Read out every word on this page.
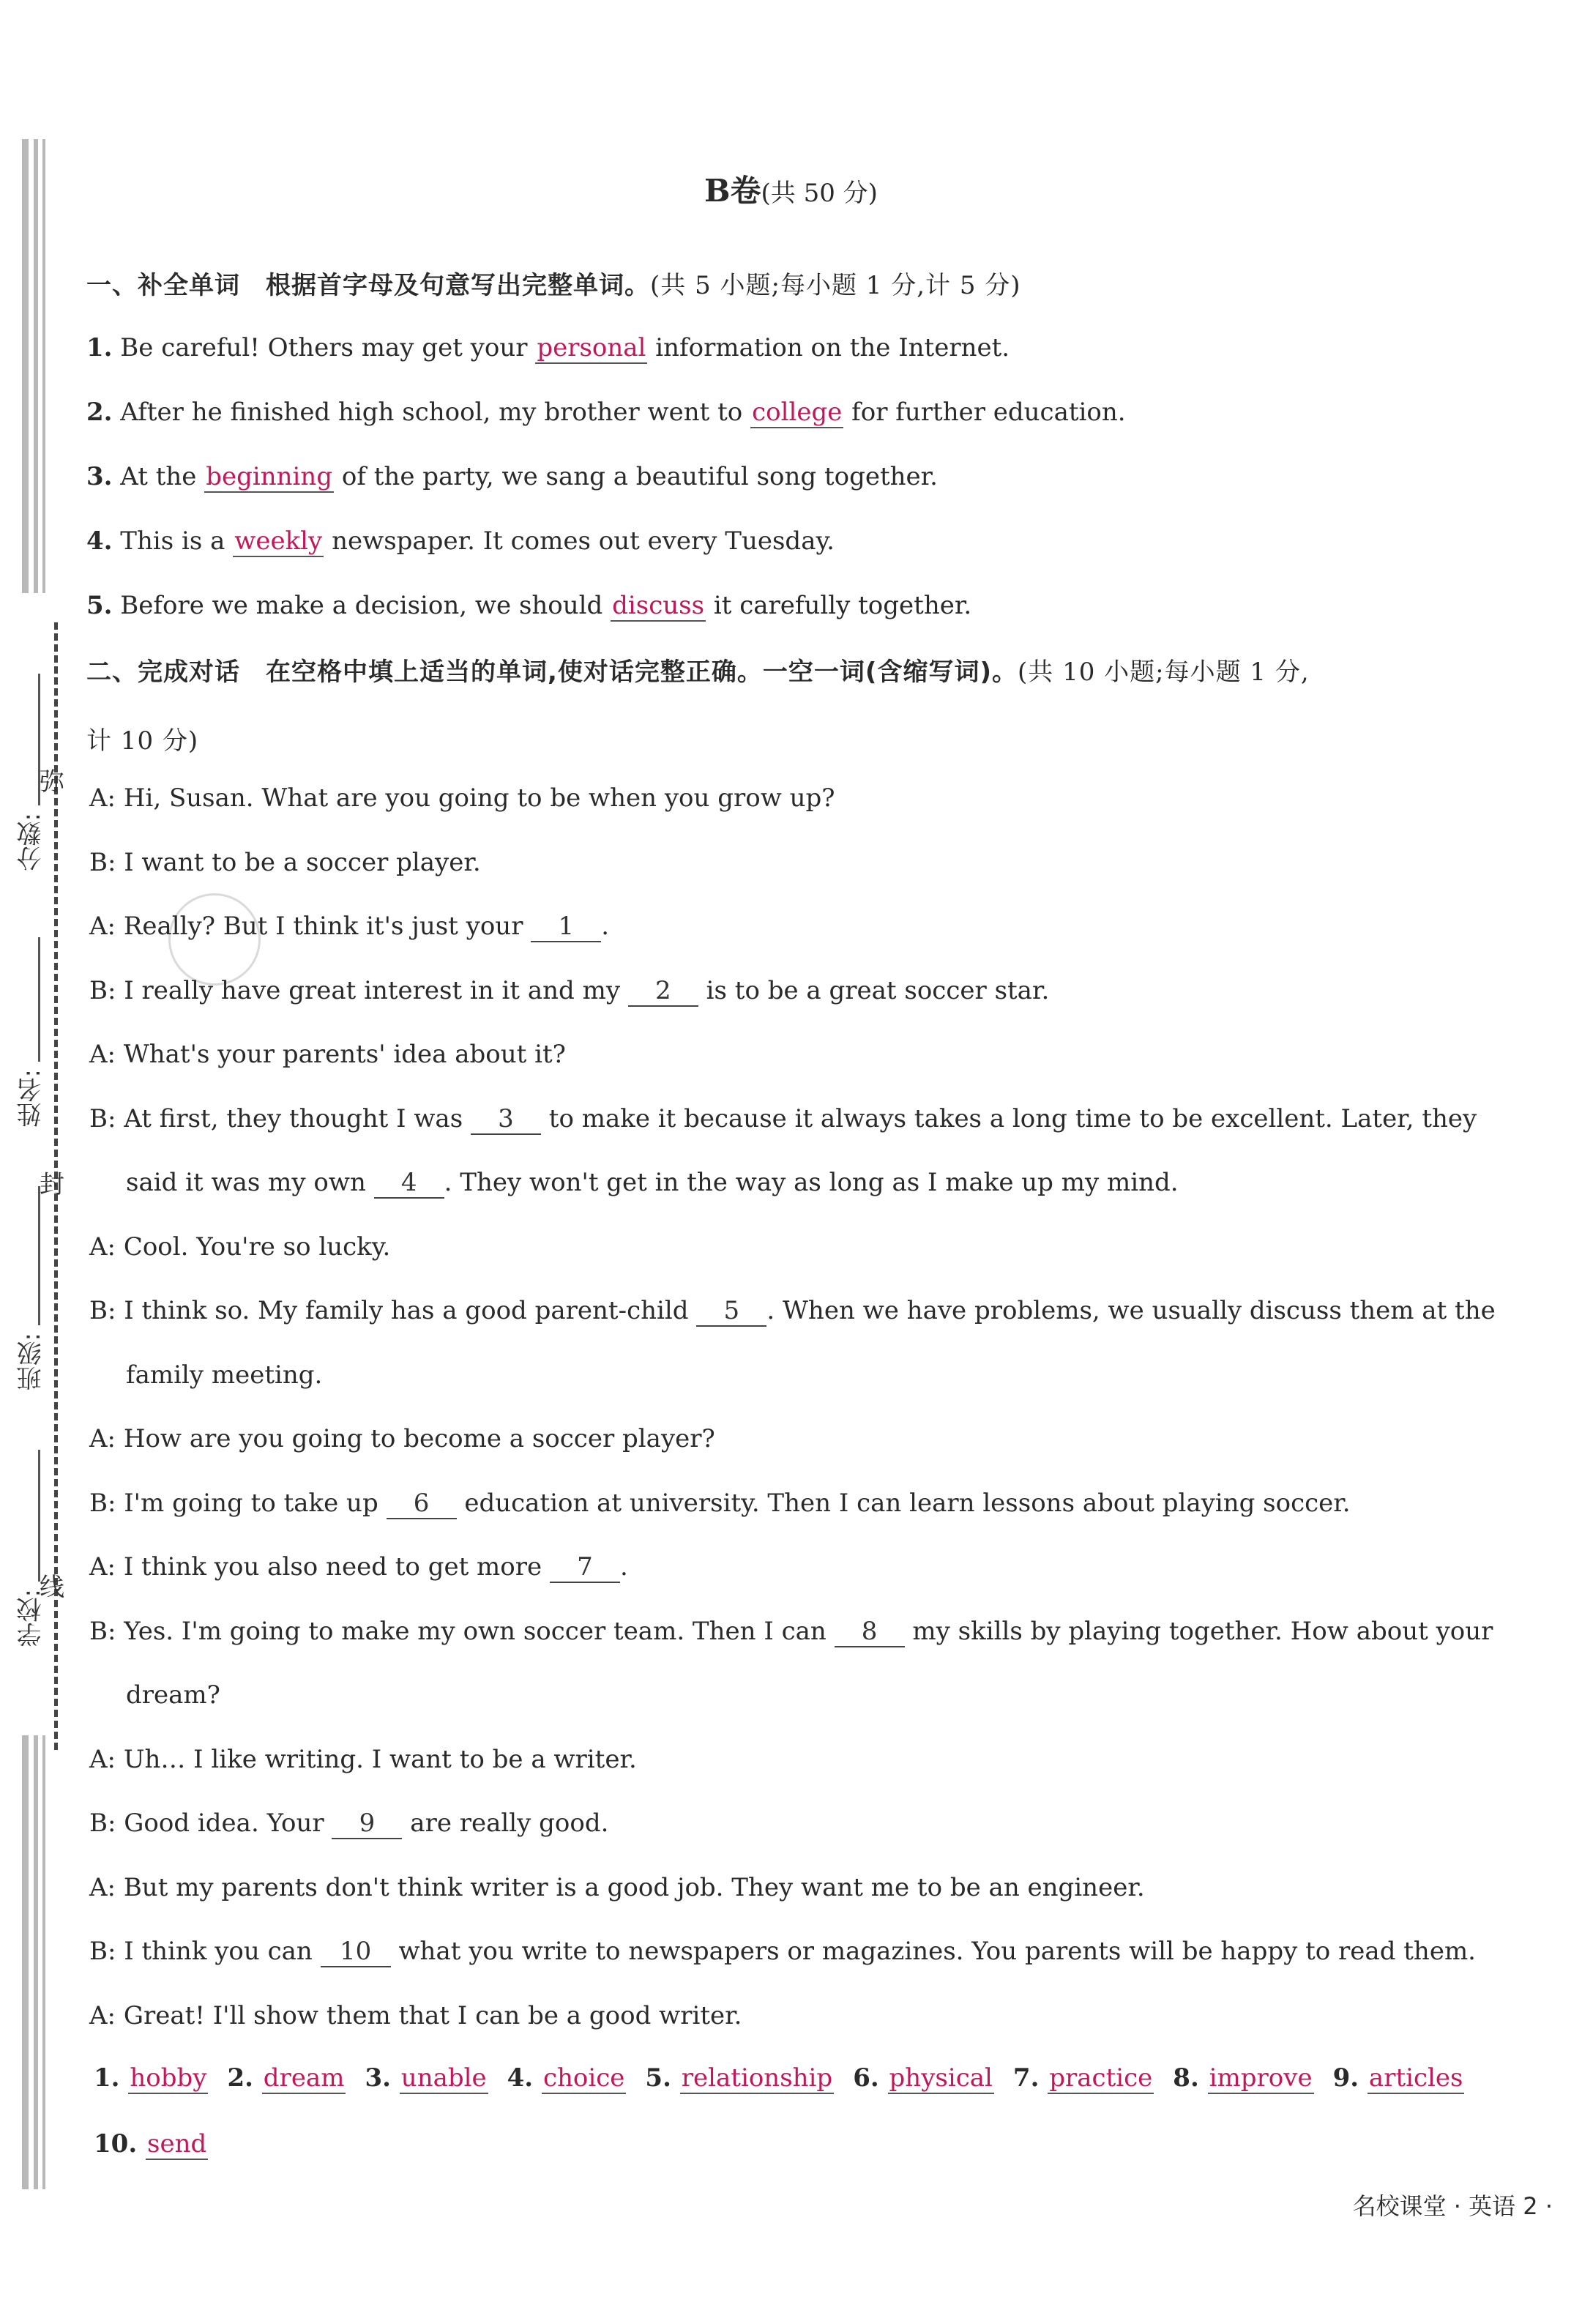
分数:
姓名:
班级:
学校:
弥
封
线
B卷(共 50 分)
一、补全单词　根据首字母及句意写出完整单词。(共 5 小题;每小题 1 分,计 5 分)
1. Be careful! Others may get your personal information on the Internet.
2. After he finished high school, my brother went to college for further education.
3. At the beginning of the party, we sang a beautiful song together.
4. This is a weekly newspaper. It comes out every Tuesday.
5. Before we make a decision, we should discuss it carefully together.
二、完成对话　在空格中填上适当的单词,使对话完整正确。一空一词(含缩写词)。(共 10 小题;每小题 1 分,
计 10 分)
A: Hi, Susan. What are you going to be when you grow up?
B: I want to be a soccer player.
A: Really? But I think it's just your 1 .
B: I really have great interest in it and my 2 is to be a great soccer star.
A: What's your parents' idea about it?
B: At first, they thought I was 3 to make it because it always takes a long time to be excellent. Later, they
said it was my own 4 . They won't get in the way as long as I make up my mind.
A: Cool. You're so lucky.
B: I think so. My family has a good parent-child 5 . When we have problems, we usually discuss them at the
family meeting.
A: How are you going to become a soccer player?
B: I'm going to take up 6 education at university. Then I can learn lessons about playing soccer.
A: I think you also need to get more 7 .
B: Yes. I'm going to make my own soccer team. Then I can 8 my skills by playing together. How about your
dream?
A: Uh… I like writing. I want to be a writer.
B: Good idea. Your 9 are really good.
A: But my parents don't think writer is a good job. They want me to be an engineer.
B: I think you can 10 what you write to newspapers or magazines. You parents will be happy to read them.
A: Great! I'll show them that I can be a good writer.
1. hobby 2. dream 3. unable 4. choice 5. relationship 6. physical 7. practice 8. improve 9. articles
10. send
名校课堂 · 英语 2 ·
